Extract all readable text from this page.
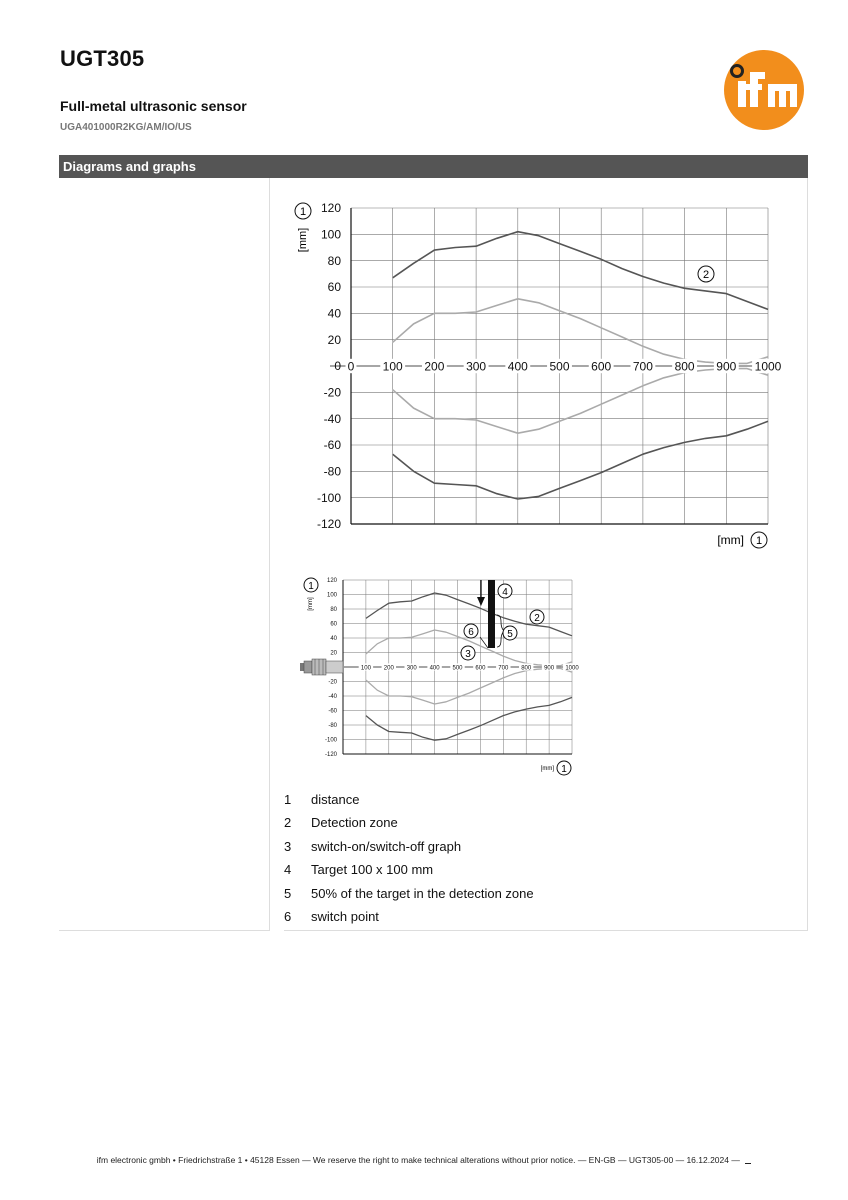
UGT305
Full-metal ultrasonic sensor
UGA401000R2KG/AM/IO/US
Diagrams and graphs
120
100
80
60
40
20
0
-20
-40
-60
-80
-100
-120
0 100 200 300 400 500 600 700 800 900 1000
1
[mm]
[mm] 1
2
120
100
80
60
40
20
-20
-40
-60
-80
-100
-120
100 200 300 400 500 600 700 800 900 1000
1
[mm]
[mm] 1
2
3
4
5
6
1	distance
2	Detection zone
3	switch-on/switch-off graph
4	Target 100 x 100 mm
5	50% of the target in the detection zone
6	switch point
ifm electronic gmbh • Friedrichstraße 1 • 45128 Essen — We reserve the right to make technical alterations without prior notice. — EN-GB — UGT305-00 — 16.12.2024 —
